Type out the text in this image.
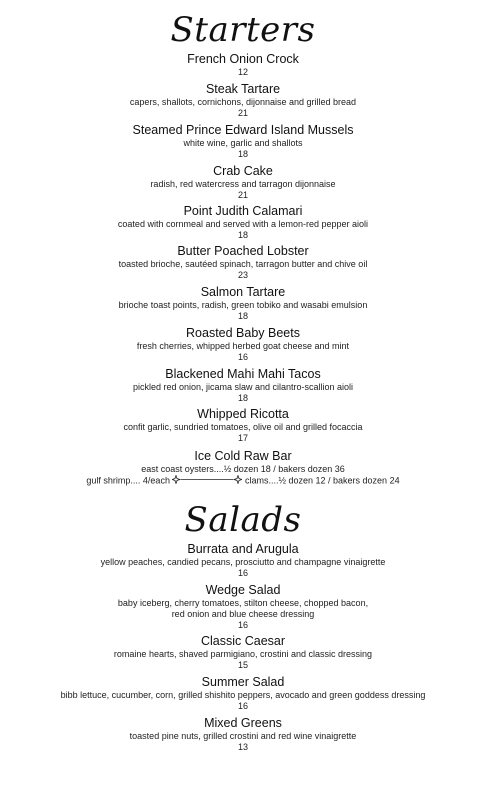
Starters
French Onion Crock
12
Steak Tartare
capers, shallots, cornichons, dijonnaise and grilled bread
21
Steamed Prince Edward Island Mussels
white wine, garlic and shallots
18
Crab Cake
radish, red watercress and tarragon dijonnaise
21
Point Judith Calamari
coated with cornmeal and served with a lemon-red pepper aioli
18
Butter Poached Lobster
toasted brioche, sautéed spinach, tarragon butter and chive oil
23
Salmon Tartare
brioche toast points, radish, green tobiko and wasabi emulsion
18
Roasted Baby Beets
fresh cherries, whipped herbed goat cheese and mint
16
Blackened Mahi Mahi Tacos
pickled red onion, jicama slaw and cilantro-scallion aioli
18
Whipped Ricotta
confit garlic, sundried tomatoes, olive oil and grilled focaccia
17
Ice Cold Raw Bar
east coast oysters....½ dozen 18 / bakers dozen 36
gulf shrimp.... 4/each	clams....½ dozen 12 / bakers dozen 24
Salads
Burrata and Arugula
yellow peaches, candied pecans, prosciutto and champagne vinaigrette
16
Wedge Salad
baby iceberg, cherry tomatoes, stilton cheese, chopped bacon,
red onion and blue cheese dressing
16
Classic Caesar
romaine hearts, shaved parmigiano, crostini and classic dressing
15
Summer Salad
bibb lettuce, cucumber, corn, grilled shishito peppers, avocado and green goddess dressing
16
Mixed Greens
toasted pine nuts, grilled crostini and red wine vinaigrette
13
